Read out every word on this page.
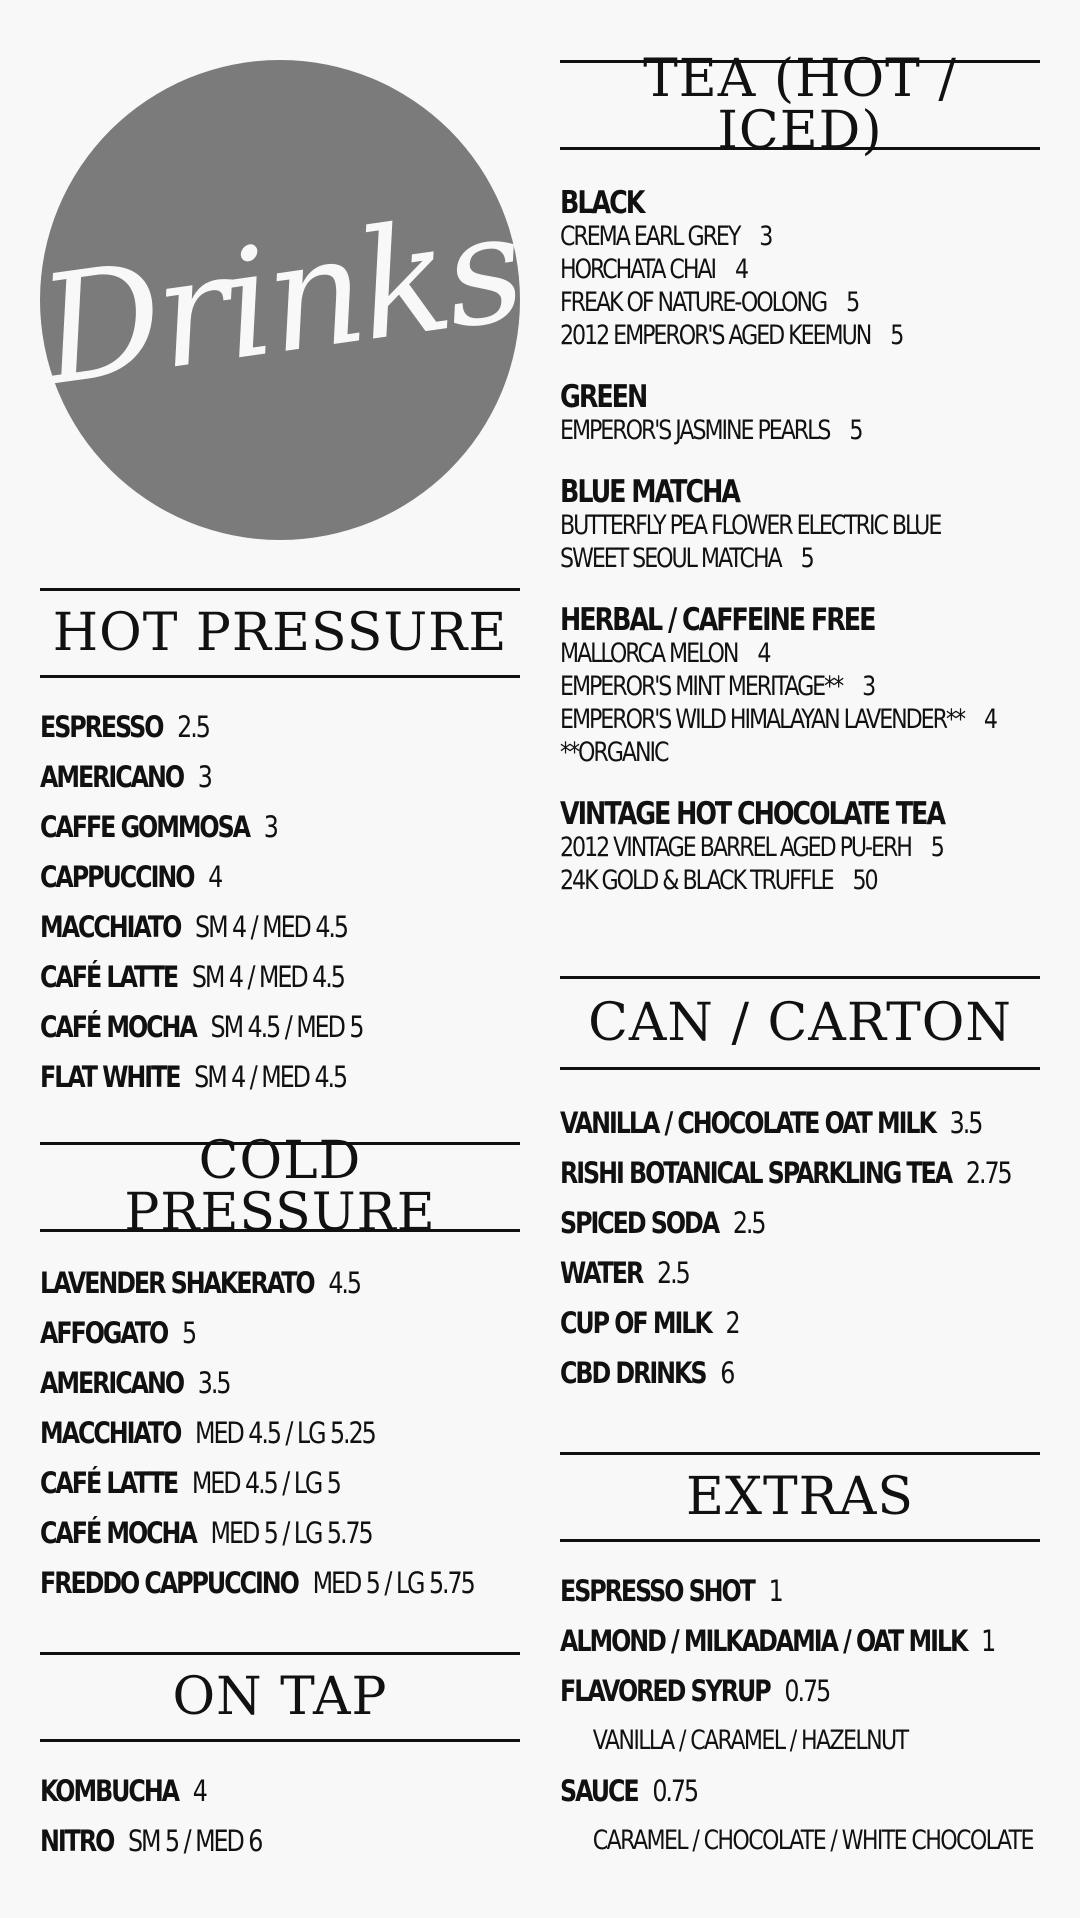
Drinks
HOT PRESSURE
ESPRESSO 2.5
AMERICANO 3
CAFFE GOMMOSA 3
CAPPUCCINO 4
MACCHIATO SM 4 / MED 4.5
CAFÉ LATTE SM 4 / MED 4.5
CAFÉ MOCHA SM 4.5 / MED 5
FLAT WHITE SM 4 / MED 4.5
COLD PRESSURE
LAVENDER SHAKERATO 4.5
AFFOGATO 5
AMERICANO 3.5
MACCHIATO MED 4.5 / LG 5.25
CAFÉ LATTE MED 4.5 / LG 5
CAFÉ MOCHA MED 5 / LG 5.75
FREDDO CAPPUCCINO MED 5 / LG 5.75
ON TAP
KOMBUCHA 4
NITRO SM 5 / MED 6
TEA (HOT / ICED)
BLACK
CREMA EARL GREY    3
HORCHATA CHAI    4
FREAK OF NATURE-OOLONG    5
2012 EMPEROR'S AGED KEEMUN    5
GREEN
EMPEROR'S JASMINE PEARLS    5
BLUE MATCHA
BUTTERFLY PEA FLOWER ELECTRIC BLUE
SWEET SEOUL MATCHA    5
HERBAL / CAFFEINE FREE
MALLORCA MELON    4
EMPEROR'S MINT MERITAGE**    3
EMPEROR'S WILD HIMALAYAN LAVENDER**    4
**ORGANIC
VINTAGE HOT CHOCOLATE TEA
2012 VINTAGE BARREL AGED PU-ERH    5
24K GOLD & BLACK TRUFFLE    50
CAN / CARTON
VANILLA / CHOCOLATE OAT MILK 3.5
RISHI BOTANICAL SPARKLING TEA 2.75
SPICED SODA 2.5
WATER 2.5
CUP OF MILK 2
CBD DRINKS 6
EXTRAS
ESPRESSO SHOT 1
ALMOND / MILKADAMIA / OAT MILK 1
FLAVORED SYRUP 0.75
VANILLA / CARAMEL / HAZELNUT
SAUCE 0.75
CARAMEL / CHOCOLATE / WHITE CHOCOLATE
